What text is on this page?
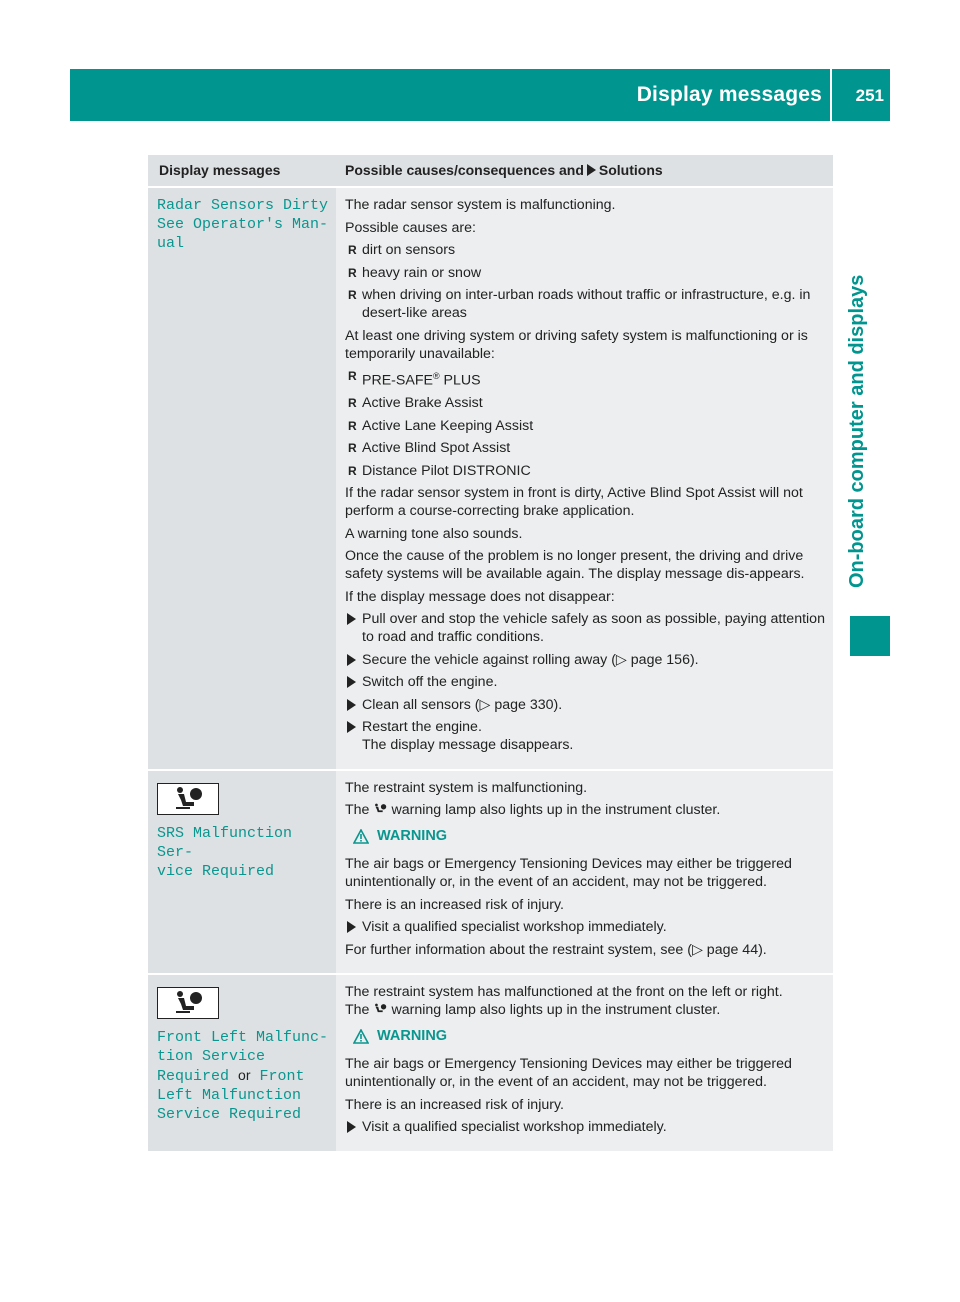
Display messages 251
On-board computer and displays
Display messages	Possible causes/consequences and Solutions
Radar Sensors Dirty
See Operator's Man‐
ual

The radar sensor system is malfunctioning.

Possible causes are:

R dirt on sensors
R heavy rain or snow
R when driving on inter-urban roads without traffic or infrastructure, e.g. in desert-like areas

At least one driving system or driving safety system is malfunctioning or is temporarily unavailable:

R PRE-SAFE® PLUS
R Active Brake Assist
R Active Lane Keeping Assist
R Active Blind Spot Assist
R Distance Pilot DISTRONIC

If the radar sensor system in front is dirty, Active Blind Spot Assist will not perform a course-correcting brake application.

A warning tone also sounds.

Once the cause of the problem is no longer present, the driving and drive safety systems will be available again. The display message dis-appears.

If the display message does not disappear:

Pull over and stop the vehicle safely as soon as possible, paying attention to road and traffic conditions.
Secure the vehicle against rolling away (▷ page 156).
Switch off the engine.
Clean all sensors (▷ page 330).
Restart the engine.
The display message disappears.
SRS Malfunction Ser‐
vice Required

The restraint system is malfunctioning.

The warning lamp also lights up in the instrument cluster.

WARNING

The air bags or Emergency Tensioning Devices may either be triggered unintentionally or, in the event of an accident, may not be triggered.

There is an increased risk of injury.

Visit a qualified specialist workshop immediately.

For further information about the restraint system, see (▷ page 44).

Front Left Malfunc‐
tion Service
Required or Front
Left Malfunction
Service Required

The restraint system has malfunctioned at the front on the left or right.

The warning lamp also lights up in the instrument cluster.

WARNING

The air bags or Emergency Tensioning Devices may either be triggered unintentionally or, in the event of an accident, may not be triggered.

There is an increased risk of injury.

Visit a qualified specialist workshop immediately.
